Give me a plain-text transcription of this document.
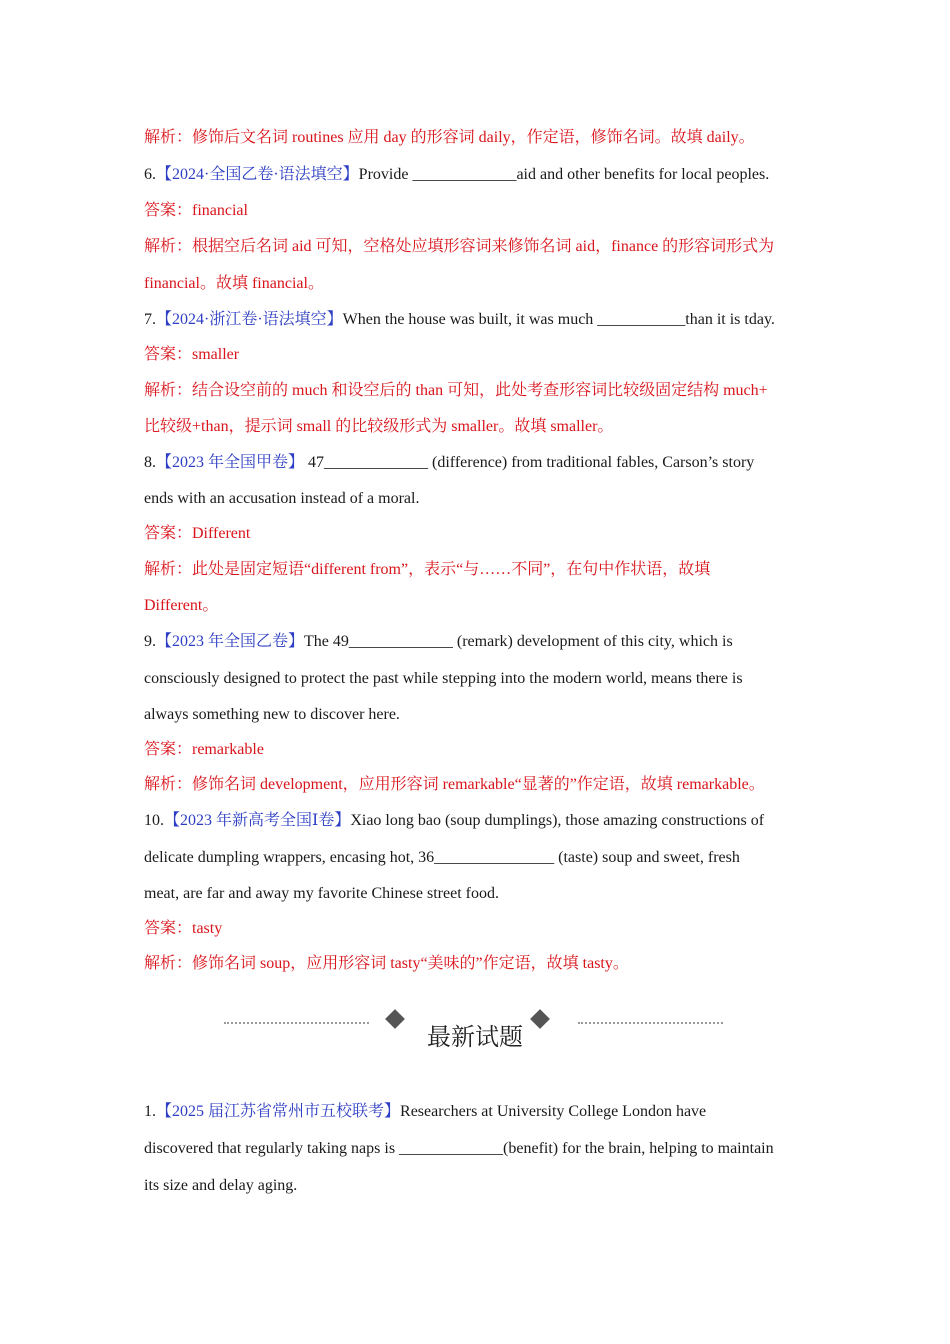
解析：修饰后文名词 routines 应用 day 的形容词 daily，作定语，修饰名词。故填 daily。
6.【2024·全国乙卷·语法填空】Provide _____________aid and other benefits for local peoples.
答案：financial
解析：根据空后名词 aid 可知，空格处应填形容词来修饰名词 aid，finance 的形容词形式为
financial。故填 financial。
7.【2024·浙江卷·语法填空】When the house was built, it was much ___________than it is tday.
答案：smaller
解析：结合设空前的 much 和设空后的 than 可知，此处考查形容词比较级固定结构 much+
比较级+than，提示词 small 的比较级形式为 smaller。故填 smaller。
8.【2023 年全国甲卷】 47_____________ (difference) from traditional fables, Carson’s story
ends with an accusation instead of a moral.
答案：Different
解析：此处是固定短语“different from”，表示“与……不同”，在句中作状语，故填
Different。
9.【2023 年全国乙卷】The 49_____________ (remark) development of this city, which is
consciously designed to protect the past while stepping into the modern world, means there is
always something new to discover here.
答案：remarkable
解析：修饰名词 development，应用形容词 remarkable“显著的”作定语，故填 remarkable。
10.【2023 年新高考全国Ⅰ卷】Xiao long bao (soup dumplings), those amazing constructions of
delicate dumpling wrappers, encasing hot, 36_______________ (taste) soup and sweet, fresh
meat, are far and away my favorite Chinese street food.
答案：tasty
解析：修饰名词 soup，应用形容词 tasty“美味的”作定语，故填 tasty。
最新试题
1.【2025 届江苏省常州市五校联考】Researchers at University College London have
discovered that regularly taking naps is _____________(benefit) for the brain, helping to maintain
its size and delay aging.
